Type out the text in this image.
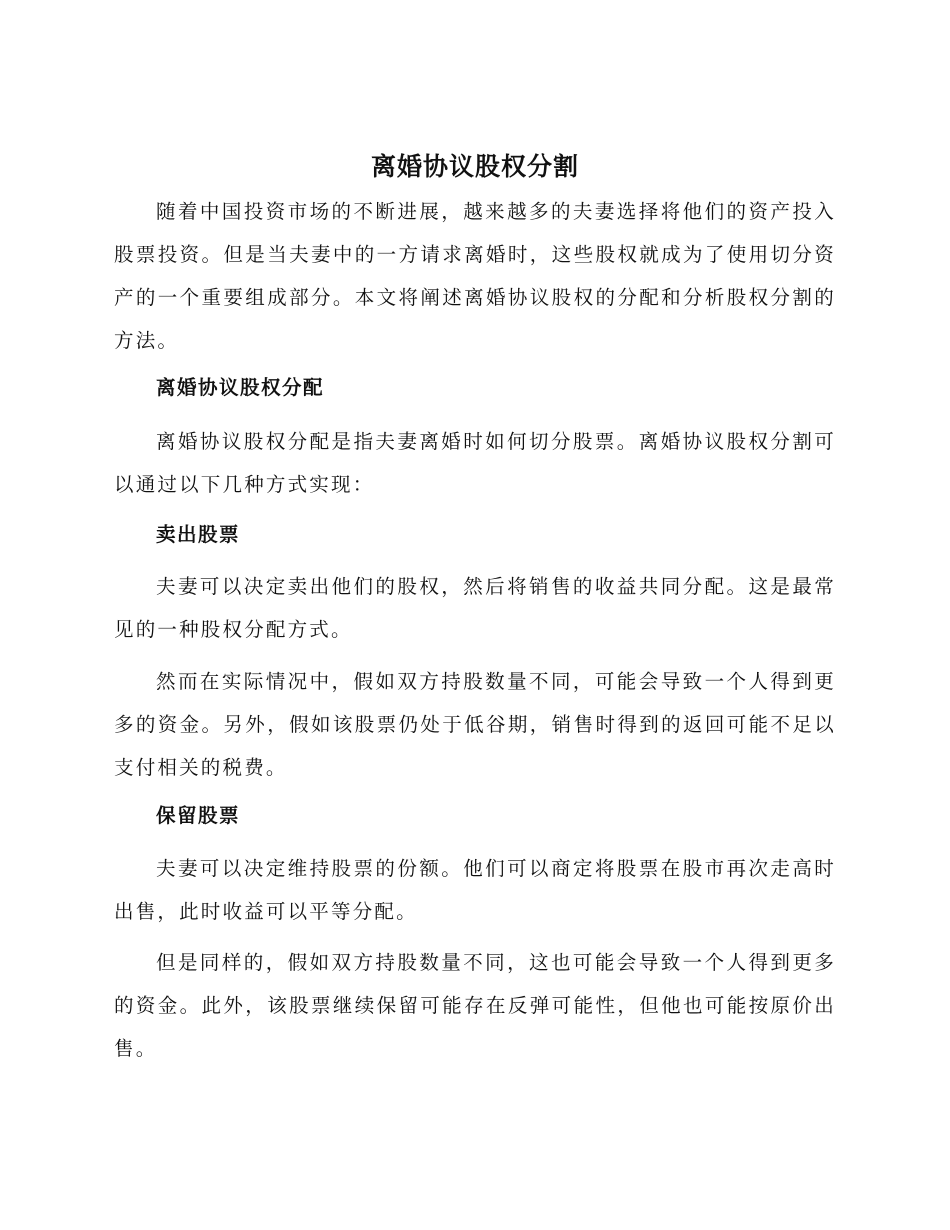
离婚协议股权分割

随着中国投资市场的不断进展，越来越多的夫妻选择将他们的资产投入股票投资。但是当夫妻中的一方请求离婚时，这些股权就成为了使用切分资产的一个重要组成部分。本文将阐述离婚协议股权的分配和分析股权分割的方法。

离婚协议股权分配

离婚协议股权分配是指夫妻离婚时如何切分股票。离婚协议股权分割可以通过以下几种方式实现：

卖出股票

夫妻可以决定卖出他们的股权，然后将销售的收益共同分配。这是最常见的一种股权分配方式。

然而在实际情况中，假如双方持股数量不同，可能会导致一个人得到更多的资金。另外，假如该股票仍处于低谷期，销售时得到的返回可能不足以支付相关的税费。

保留股票

夫妻可以决定维持股票的份额。他们可以商定将股票在股市再次走高时出售，此时收益可以平等分配。

但是同样的，假如双方持股数量不同，这也可能会导致一个人得到更多的资金。此外，该股票继续保留可能存在反弹可能性，但他也可能按原价出售。
